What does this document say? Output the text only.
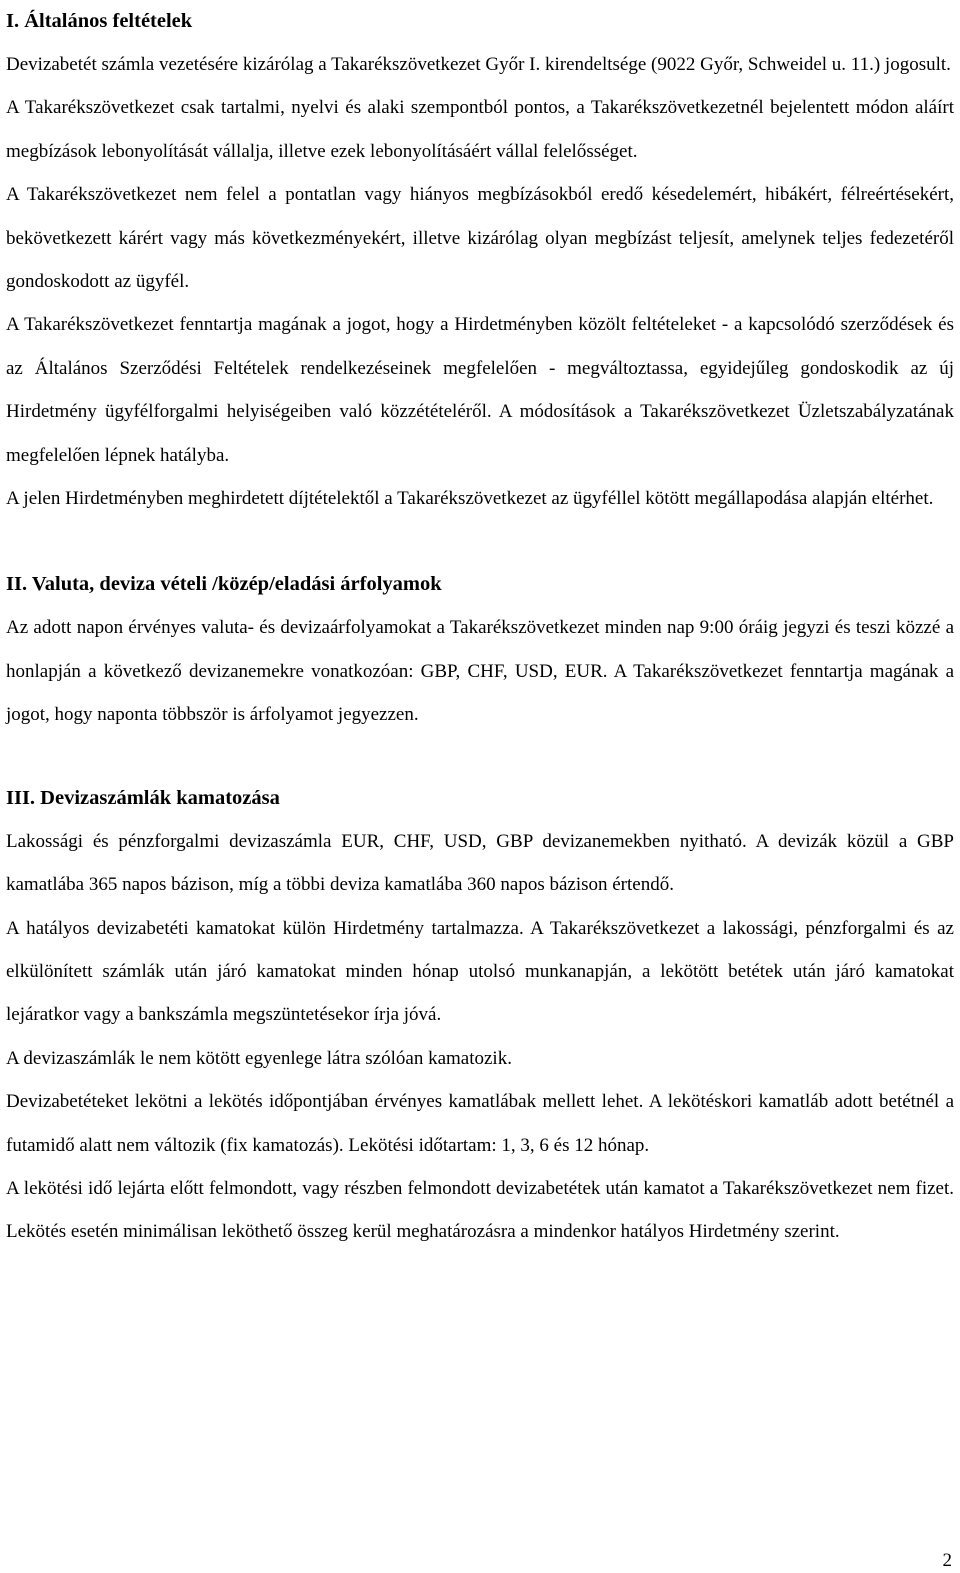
I. Általános feltételek

Devizabetét számla vezetésére kizárólag a Takarékszövetkezet Győr I. kirendeltsége (9022 Győr, Schweidel u. 11.) jogosult.

A Takarékszövetkezet csak tartalmi, nyelvi és alaki szempontból pontos, a Takarékszövetkezetnél bejelentett módon aláírt megbízások lebonyolítását vállalja, illetve ezek lebonyolításáért vállal felelősséget.

A Takarékszövetkezet nem felel a pontatlan vagy hiányos megbízásokból eredő késedelemért, hibákért, félreértésekért, bekövetkezett kárért vagy más következményekért, illetve kizárólag olyan megbízást teljesít, amelynek teljes fedezetéről gondoskodott az ügyfél.

A Takarékszövetkezet fenntartja magának a jogot, hogy a Hirdetményben közölt feltételeket - a kapcsolódó szerződések és az Általános Szerződési Feltételek rendelkezéseinek megfelelően - megváltoztassa, egyidejűleg gondoskodik az új Hirdetmény ügyfélforgalmi helyiségeiben való közzétételéről. A módosítások a Takarékszövetkezet Üzletszabályzatának megfelelően lépnek hatályba.

A jelen Hirdetményben meghirdetett díjtételektől a Takarékszövetkezet az ügyféllel kötött megállapodása alapján eltérhet.

II. Valuta, deviza vételi /közép/eladási árfolyamok

Az adott napon érvényes valuta- és devizaárfolyamokat a Takarékszövetkezet minden nap 9:00 óráig jegyzi és teszi közzé a honlapján a következő devizanemekre vonatkozóan: GBP, CHF, USD, EUR. A Takarékszövetkezet fenntartja magának a jogot, hogy naponta többször is árfolyamot jegyezzen.

III. Devizaszámlák kamatozása

Lakossági és pénzforgalmi devizaszámla EUR, CHF, USD, GBP devizanemekben nyitható. A devizák közül a GBP kamatlába 365 napos bázison, míg a többi deviza kamatlába 360 napos bázison értendő.

A hatályos devizabetéti kamatokat külön Hirdetmény tartalmazza. A Takarékszövetkezet a lakossági, pénzforgalmi és az elkülönített számlák után járó kamatokat minden hónap utolsó munkanapján, a lekötött betétek után járó kamatokat lejáratkor vagy a bankszámla megszüntetésekor írja jóvá.

A devizaszámlák le nem kötött egyenlege látra szólóan kamatozik.

Devizabetéteket lekötni a lekötés időpontjában érvényes kamatlábak mellett lehet. A lekötéskori kamatláb adott betétnél a futamidő alatt nem változik (fix kamatozás). Lekötési időtartam: 1, 3, 6 és 12 hónap.

A lekötési idő lejárta előtt felmondott, vagy részben felmondott devizabetétek után kamatot a Takarékszövetkezet nem fizet. Lekötés esetén minimálisan leköthető összeg kerül meghatározásra a mindenkor hatályos Hirdetmény szerint.

2
